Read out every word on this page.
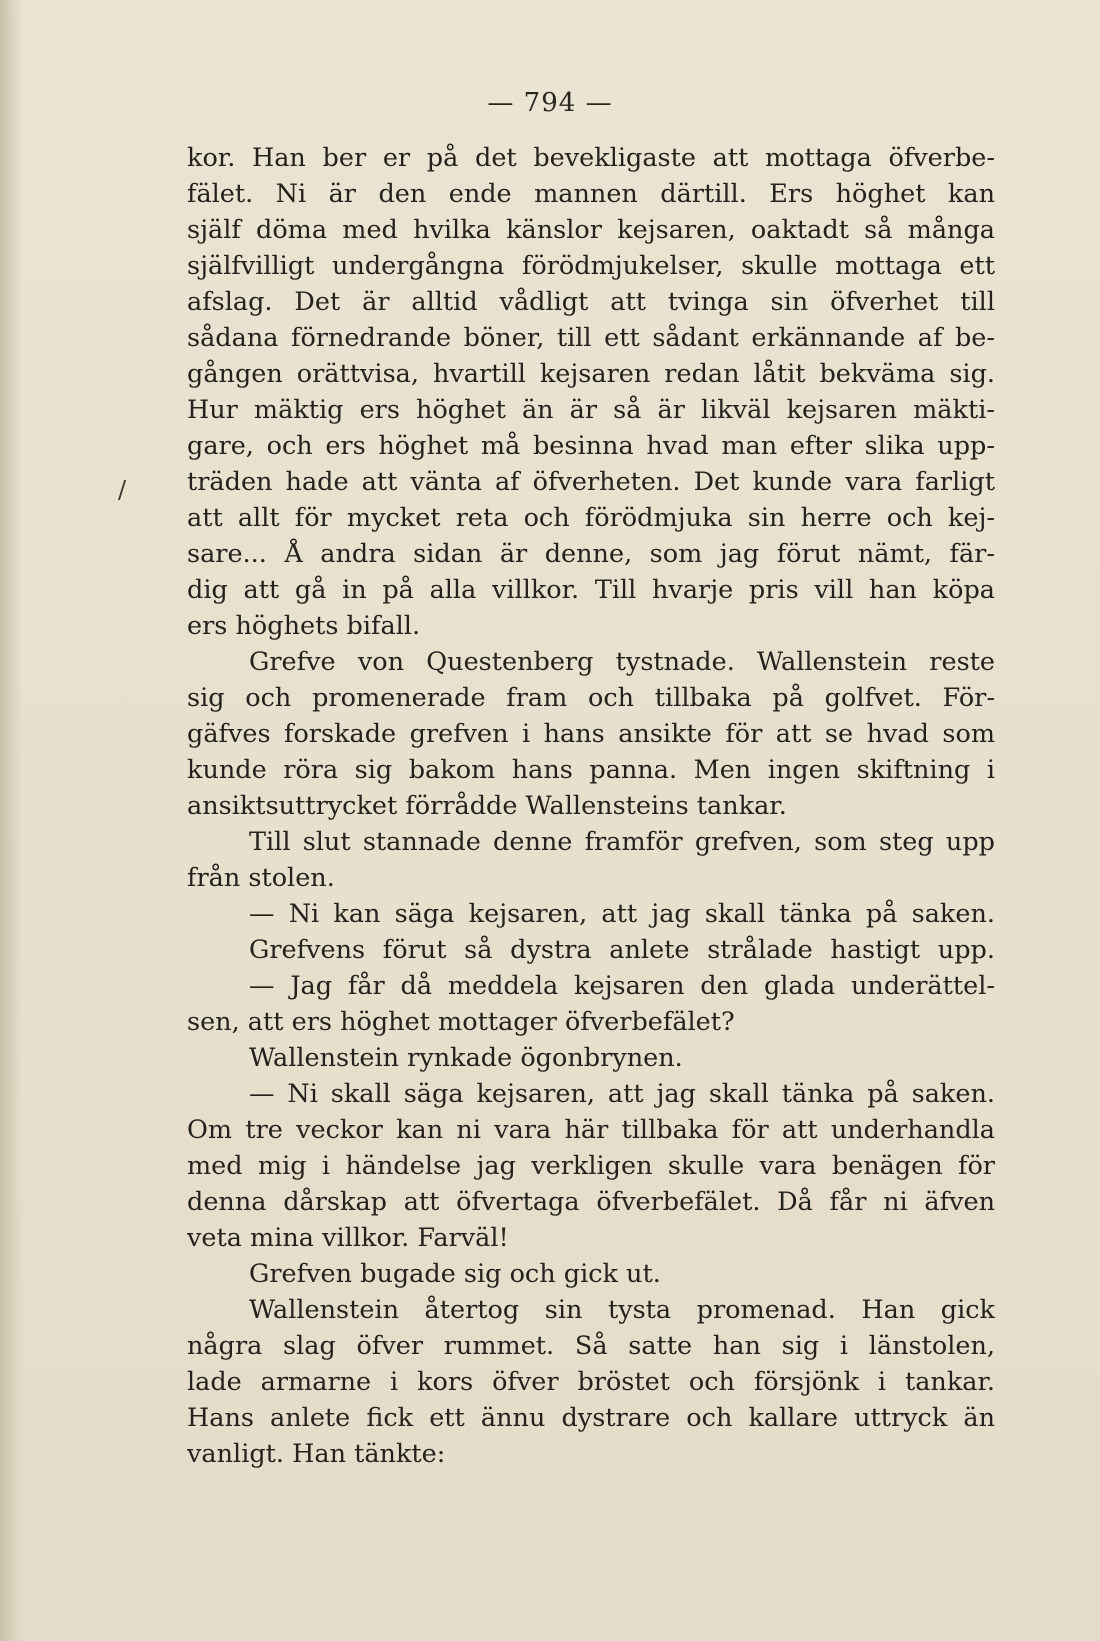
— 794 —
/
kor. Han ber er på det bevekligaste att mottaga öfverbe-
fälet. Ni är den ende mannen därtill. Ers höghet kan
själf döma med hvilka känslor kejsaren, oaktadt så många
själfvilligt undergångna förödmjukelser, skulle mottaga ett
afslag. Det är alltid vådligt att tvinga sin öfverhet till
sådana förnedrande böner, till ett sådant erkännande af be-
gången orättvisa, hvartill kejsaren redan låtit bekväma sig.
Hur mäktig ers höghet än är så är likväl kejsaren mäkti-
gare, och ers höghet må besinna hvad man efter slika upp-
träden hade att vänta af öfverheten. Det kunde vara farligt
att allt för mycket reta och förödmjuka sin herre och kej-
sare... Å andra sidan är denne, som jag förut nämt, fär-
dig att gå in på alla villkor. Till hvarje pris vill han köpa
ers höghets bifall.
Grefve von Questenberg tystnade. Wallenstein reste
sig och promenerade fram och tillbaka på golfvet. För-
gäfves forskade grefven i hans ansikte för att se hvad som
kunde röra sig bakom hans panna. Men ingen skiftning i
ansiktsuttrycket förrådde Wallensteins tankar.
Till slut stannade denne framför grefven, som steg upp
från stolen.
— Ni kan säga kejsaren, att jag skall tänka på saken.
Grefvens förut så dystra anlete strålade hastigt upp.
— Jag får då meddela kejsaren den glada underättel-
sen, att ers höghet mottager öfverbefälet?
Wallenstein rynkade ögonbrynen.
— Ni skall säga kejsaren, att jag skall tänka på saken.
Om tre veckor kan ni vara här tillbaka för att underhandla
med mig i händelse jag verkligen skulle vara benägen för
denna dårskap att öfvertaga öfverbefälet. Då får ni äfven
veta mina villkor. Farväl!
Grefven bugade sig och gick ut.
Wallenstein återtog sin tysta promenad. Han gick
några slag öfver rummet. Så satte han sig i länstolen,
lade armarne i kors öfver bröstet och försjönk i tankar.
Hans anlete fick ett ännu dystrare och kallare uttryck än
vanligt. Han tänkte:
